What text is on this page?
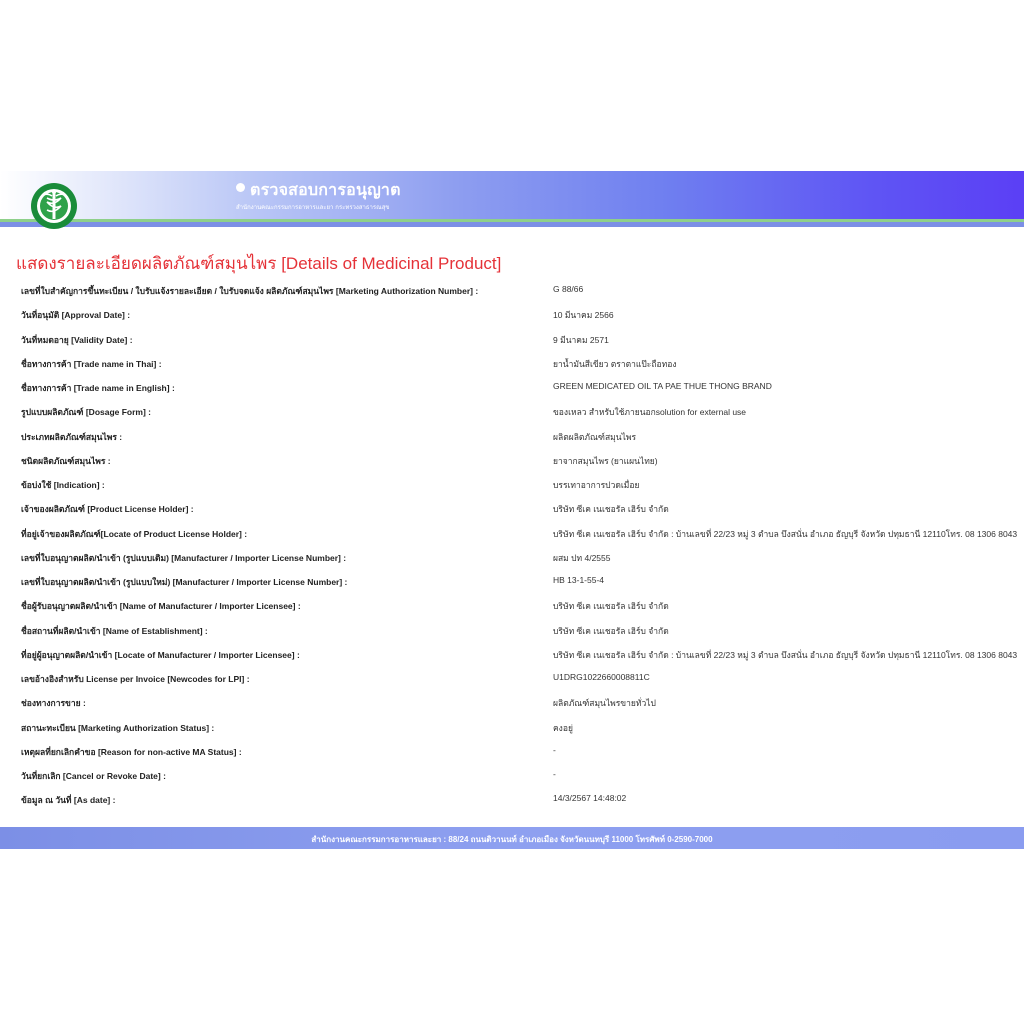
ตรวจสอบการอนุญาต
สำนักงานคณะกรรมการอาหารและยา กระทรวงสาธารณสุข
แสดงรายละเอียดผลิตภัณฑ์สมุนไพร [Details of Medicinal Product]
เลขที่ใบสำคัญการขึ้นทะเบียน / ใบรับแจ้งรายละเอียด / ใบรับจดแจ้ง ผลิตภัณฑ์สมุนไพร [Marketing Authorization Number] :	G 88/66
วันที่อนุมัติ [Approval Date] :	10 มีนาคม 2566
วันที่หมดอายุ [Validity Date] :	9 มีนาคม 2571
ชื่อทางการค้า [Trade name in Thai] :	ยาน้ำมันสีเขียว ตราตาแป๊ะถือทอง
ชื่อทางการค้า [Trade name in English] :	GREEN MEDICATED OIL TA PAE THUE THONG BRAND
รูปแบบผลิตภัณฑ์ [Dosage Form] :	ของเหลว สำหรับใช้ภายนอกsolution for external use
ประเภทผลิตภัณฑ์สมุนไพร :	ผลิตผลิตภัณฑ์สมุนไพร
ชนิดผลิตภัณฑ์สมุนไพร :	ยาจากสมุนไพร (ยาแผนไทย)
ข้อบ่งใช้ [Indication] :	บรรเทาอาการปวดเมื่อย
เจ้าของผลิตภัณฑ์ [Product License Holder] :	บริษัท ซีเค เนเชอรัล เฮิร์บ จำกัด
ที่อยู่เจ้าของผลิตภัณฑ์[Locate of Product License Holder] :	บริษัท ซีเค เนเชอรัล เฮิร์บ จำกัด : บ้านเลขที่ 22/23 หมู่ 3 ตำบล บึงสนั่น อำเภอ ธัญบุรี จังหวัด ปทุมธานี 12110โทร. 08 1306 8043
เลขที่ใบอนุญาตผลิต/นำเข้า (รูปแบบเดิม) [Manufacturer / Importer License Number] :	ผสม ปท 4/2555
เลขที่ใบอนุญาตผลิต/นำเข้า (รูปแบบใหม่) [Manufacturer / Importer License Number] :	HB 13-1-55-4
ชื่อผู้รับอนุญาตผลิต/นำเข้า [Name of Manufacturer / Importer Licensee] :	บริษัท ซีเค เนเชอรัล เฮิร์บ จำกัด
ชื่อสถานที่ผลิต/นำเข้า [Name of Establishment] :	บริษัท ซีเค เนเชอรัล เฮิร์บ จำกัด
ที่อยู่ผู้อนุญาตผลิต/นำเข้า [Locate of Manufacturer / Importer Licensee] :	บริษัท ซีเค เนเชอรัล เฮิร์บ จำกัด : บ้านเลขที่ 22/23 หมู่ 3 ตำบล บึงสนั่น อำเภอ ธัญบุรี จังหวัด ปทุมธานี 12110โทร. 08 1306 8043
เลขอ้างอิงสำหรับ License per Invoice [Newcodes for LPI] :	U1DRG1022660008811C
ช่องทางการขาย :	ผลิตภัณฑ์สมุนไพรขายทั่วไป
สถานะทะเบียน [Marketing Authorization Status] :	คงอยู่
เหตุผลที่ยกเลิกคำขอ [Reason for non-active MA Status] :	-
วันที่ยกเลิก [Cancel or Revoke Date] :	-
ข้อมูล ณ วันที่ [As date] :	14/3/2567 14:48:02
สำนักงานคณะกรรมการอาหารและยา : 88/24 ถนนติวานนท์ อำเภอเมือง จังหวัดนนทบุรี 11000 โทรศัพท์ 0-2590-7000
